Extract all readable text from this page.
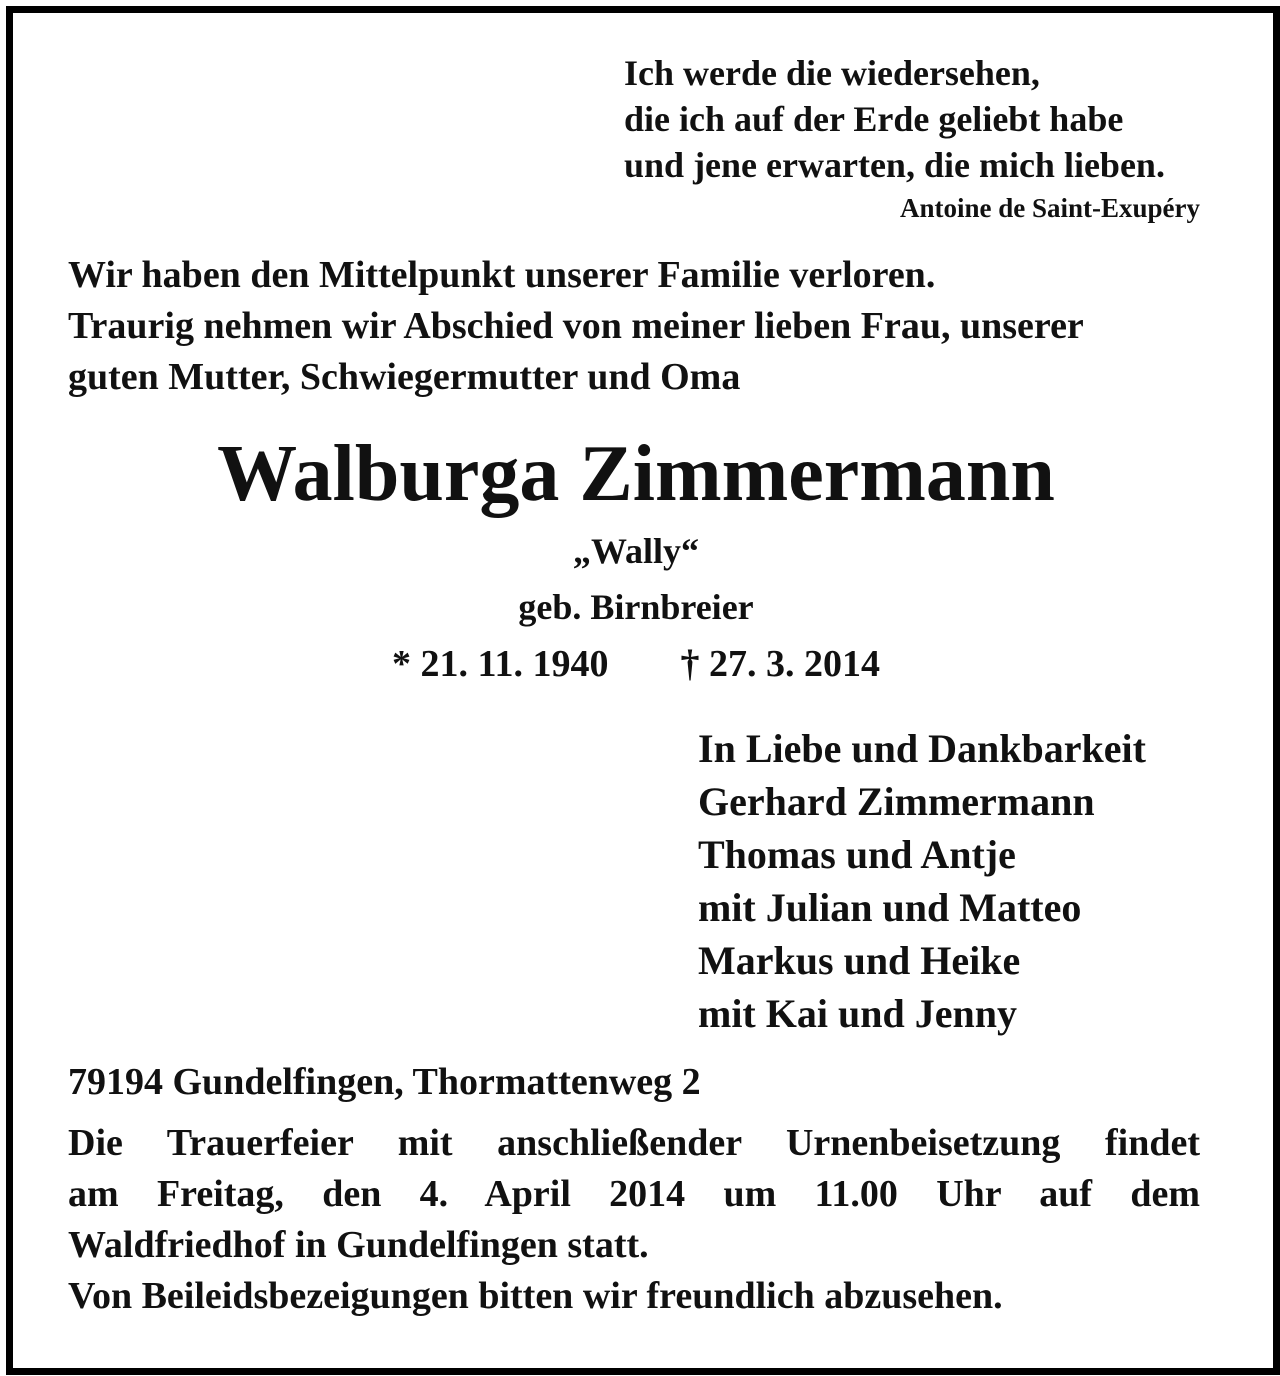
Ich werde die wiedersehen,
die ich auf der Erde geliebt habe
und jene erwarten, die mich lieben.
Antoine de Saint-Exupéry
Wir haben den Mittelpunkt unserer Familie verloren.
Traurig nehmen wir Abschied von meiner lieben Frau, unserer
guten Mutter, Schwiegermutter und Oma
Walburga Zimmermann
„Wally“
geb. Birnbreier
* 21. 11. 1940 † 27. 3. 2014
In Liebe und Dankbarkeit
Gerhard Zimmermann
Thomas und Antje
mit Julian und Matteo
Markus und Heike
mit Kai und Jenny
79194 Gundelfingen, Thormattenweg 2
Die Trauerfeier mit anschließender Urnenbeisetzung findet
am Freitag, den 4. April 2014 um 11.00 Uhr auf dem
Waldfriedhof in Gundelfingen statt.
Von Beileidsbezeigungen bitten wir freundlich abzusehen.
